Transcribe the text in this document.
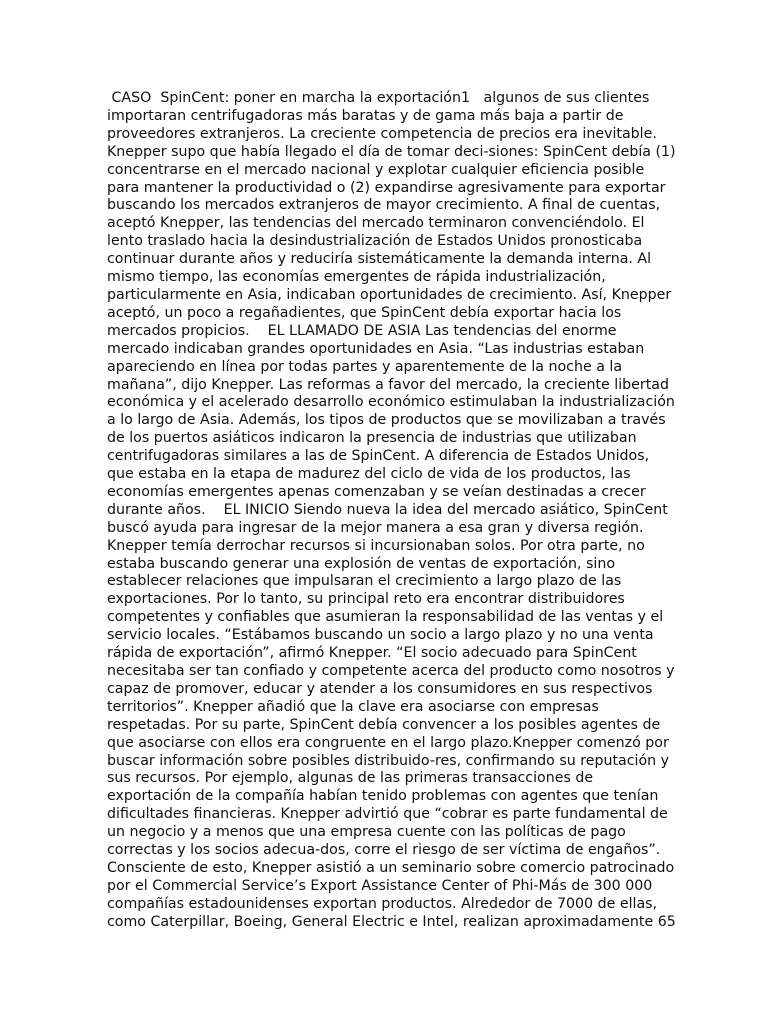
CASO  SpinCent: poner en marcha la exportación1   algunos de sus clientes importaran centrifugadoras más baratas y de gama más baja a partir de proveedores extranjeros. La creciente competencia de precios era inevitable. Knepper supo que había llegado el día de tomar deci-siones: SpinCent debía (1) concentrarse en el mercado nacional y explotar cualquier eficiencia posible para mantener la productividad o (2) expandirse agresivamente para exportar buscando los mercados extranjeros de mayor crecimiento. A final de cuentas, aceptó Knepper, las tendencias del mercado terminaron convenciéndolo. El lento traslado hacia la desindustrialización de Estados Unidos pronosticaba continuar durante años y reduciría sistemáticamente la demanda interna. Al mismo tiempo, las economías emergentes de rápida industrialización, particularmente en Asia, indicaban oportunidades de crecimiento. Así, Knepper aceptó, un poco a regañadientes, que SpinCent debía exportar hacia los mercados propicios.    EL LLAMADO DE ASIA Las tendencias del enorme mercado indicaban grandes oportunidades en Asia. “Las industrias estaban apareciendo en línea por todas partes y aparentemente de la noche a la mañana”, dijo Knepper. Las reformas a favor del mercado, la creciente libertad económica y el acelerado desarrollo económico estimulaban la industrialización a lo largo de Asia. Además, los tipos de productos que se movilizaban a través de los puertos asiáticos indicaron la presencia de industrias que utilizaban centrifugadoras similares a las de SpinCent. A diferencia de Estados Unidos, que estaba en la etapa de madurez del ciclo de vida de los productos, las economías emergentes apenas comenzaban y se veían destinadas a crecer durante años.    EL INICIO Siendo nueva la idea del mercado asiático, SpinCent buscó ayuda para ingresar de la mejor manera a esa gran y diversa región. Knepper temía derrochar recursos si incursionaban solos. Por otra parte, no estaba buscando generar una explosión de ventas de exportación, sino establecer relaciones que impulsaran el crecimiento a largo plazo de las exportaciones. Por lo tanto, su principal reto era encontrar distribuidores competentes y confiables que asumieran la responsabilidad de las ventas y el servicio locales. “Estábamos buscando un socio a largo plazo y no una venta rápida de exportación”, afirmó Knepper. “El socio adecuado para SpinCent necesitaba ser tan confiado y competente acerca del producto como nosotros y capaz de promover, educar y atender a los consumidores en sus respectivos territorios”. Knepper añadió que la clave era asociarse con empresas respetadas. Por su parte, SpinCent debía convencer a los posibles agentes de que asociarse con ellos era congruente en el largo plazo.Knepper comenzó por buscar información sobre posibles distribuido-res, confirmando su reputación y sus recursos. Por ejemplo, algunas de las primeras transacciones de exportación de la compañía habían tenido problemas con agentes que tenían dificultades financieras. Knepper advirtió que “cobrar es parte fundamental de un negocio y a menos que una empresa cuente con las políticas de pago correctas y los socios adecua-dos, corre el riesgo de ser víctima de engaños”. Consciente de esto, Knepper asistió a un seminario sobre comercio patrocinado por el Commercial Service’s Export Assistance Center of Phi-Más de 300 000 compañías estadounidenses exportan productos. Alrededor de 7000 de ellas, como Caterpillar, Boeing, General Electric e Intel, realizan aproximadamente 65
